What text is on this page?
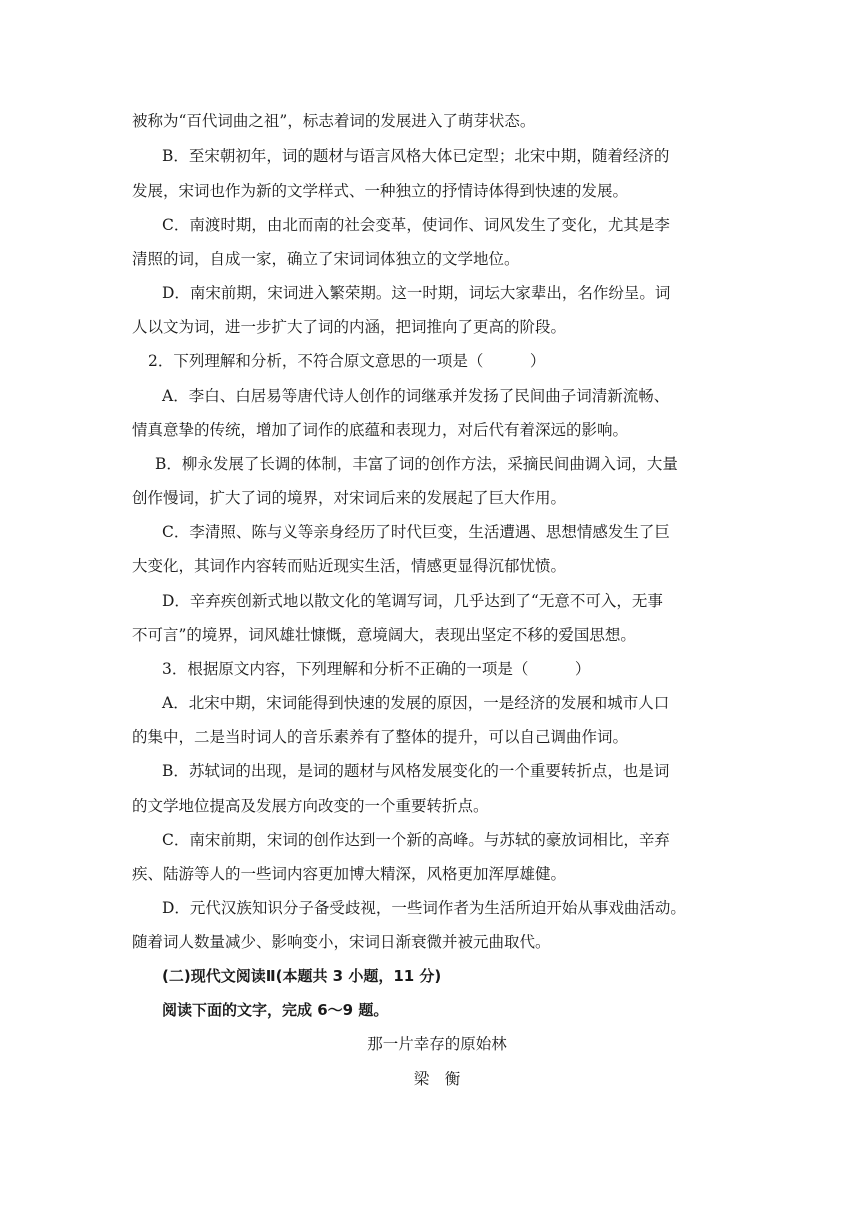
被称为“百代词曲之祖”，标志着词的发展进入了萌芽状态。
B．至宋朝初年，词的题材与语言风格大体已定型；北宋中期，随着经济的
发展，宋词也作为新的文学样式、一种独立的抒情诗体得到快速的发展。
C．南渡时期，由北而南的社会变革，使词作、词风发生了变化，尤其是李
清照的词，自成一家，确立了宋词词体独立的文学地位。
D．南宋前期，宋词进入繁荣期。这一时期，词坛大家辈出，名作纷呈。词
人以文为词，进一步扩大了词的内涵，把词推向了更高的阶段。
2．下列理解和分析，不符合原文意思的一项是（　　　）
A．李白、白居易等唐代诗人创作的词继承并发扬了民间曲子词清新流畅、
情真意挚的传统，增加了词作的底蕴和表现力，对后代有着深远的影响。
B．柳永发展了长调的体制，丰富了词的创作方法，采摘民间曲调入词，大量
创作慢词，扩大了词的境界，对宋词后来的发展起了巨大作用。
C．李清照、陈与义等亲身经历了时代巨变，生活遭遇、思想情感发生了巨
大变化，其词作内容转而贴近现实生活，情感更显得沉郁忧愤。
D．辛弃疾创新式地以散文化的笔调写词，几乎达到了“无意不可入，无事
不可言”的境界，词风雄壮慷慨，意境阔大，表现出坚定不移的爱国思想。
3．根据原文内容，下列理解和分析不正确的一项是（　　　）
A．北宋中期，宋词能得到快速的发展的原因，一是经济的发展和城市人口
的集中，二是当时词人的音乐素养有了整体的提升，可以自己调曲作词。
B．苏轼词的出现，是词的题材与风格发展变化的一个重要转折点，也是词
的文学地位提高及发展方向改变的一个重要转折点。
C．南宋前期，宋词的创作达到一个新的高峰。与苏轼的豪放词相比，辛弃
疾、陆游等人的一些词内容更加博大精深，风格更加浑厚雄健。
D．元代汉族知识分子备受歧视，一些词作者为生活所迫开始从事戏曲活动。
随着词人数量减少、影响变小，宋词日渐衰微并被元曲取代。
(二)现代文阅读Ⅱ(本题共 3 小题，11 分)
阅读下面的文字，完成 6～9 题。
那一片幸存的原始林
梁　衡
